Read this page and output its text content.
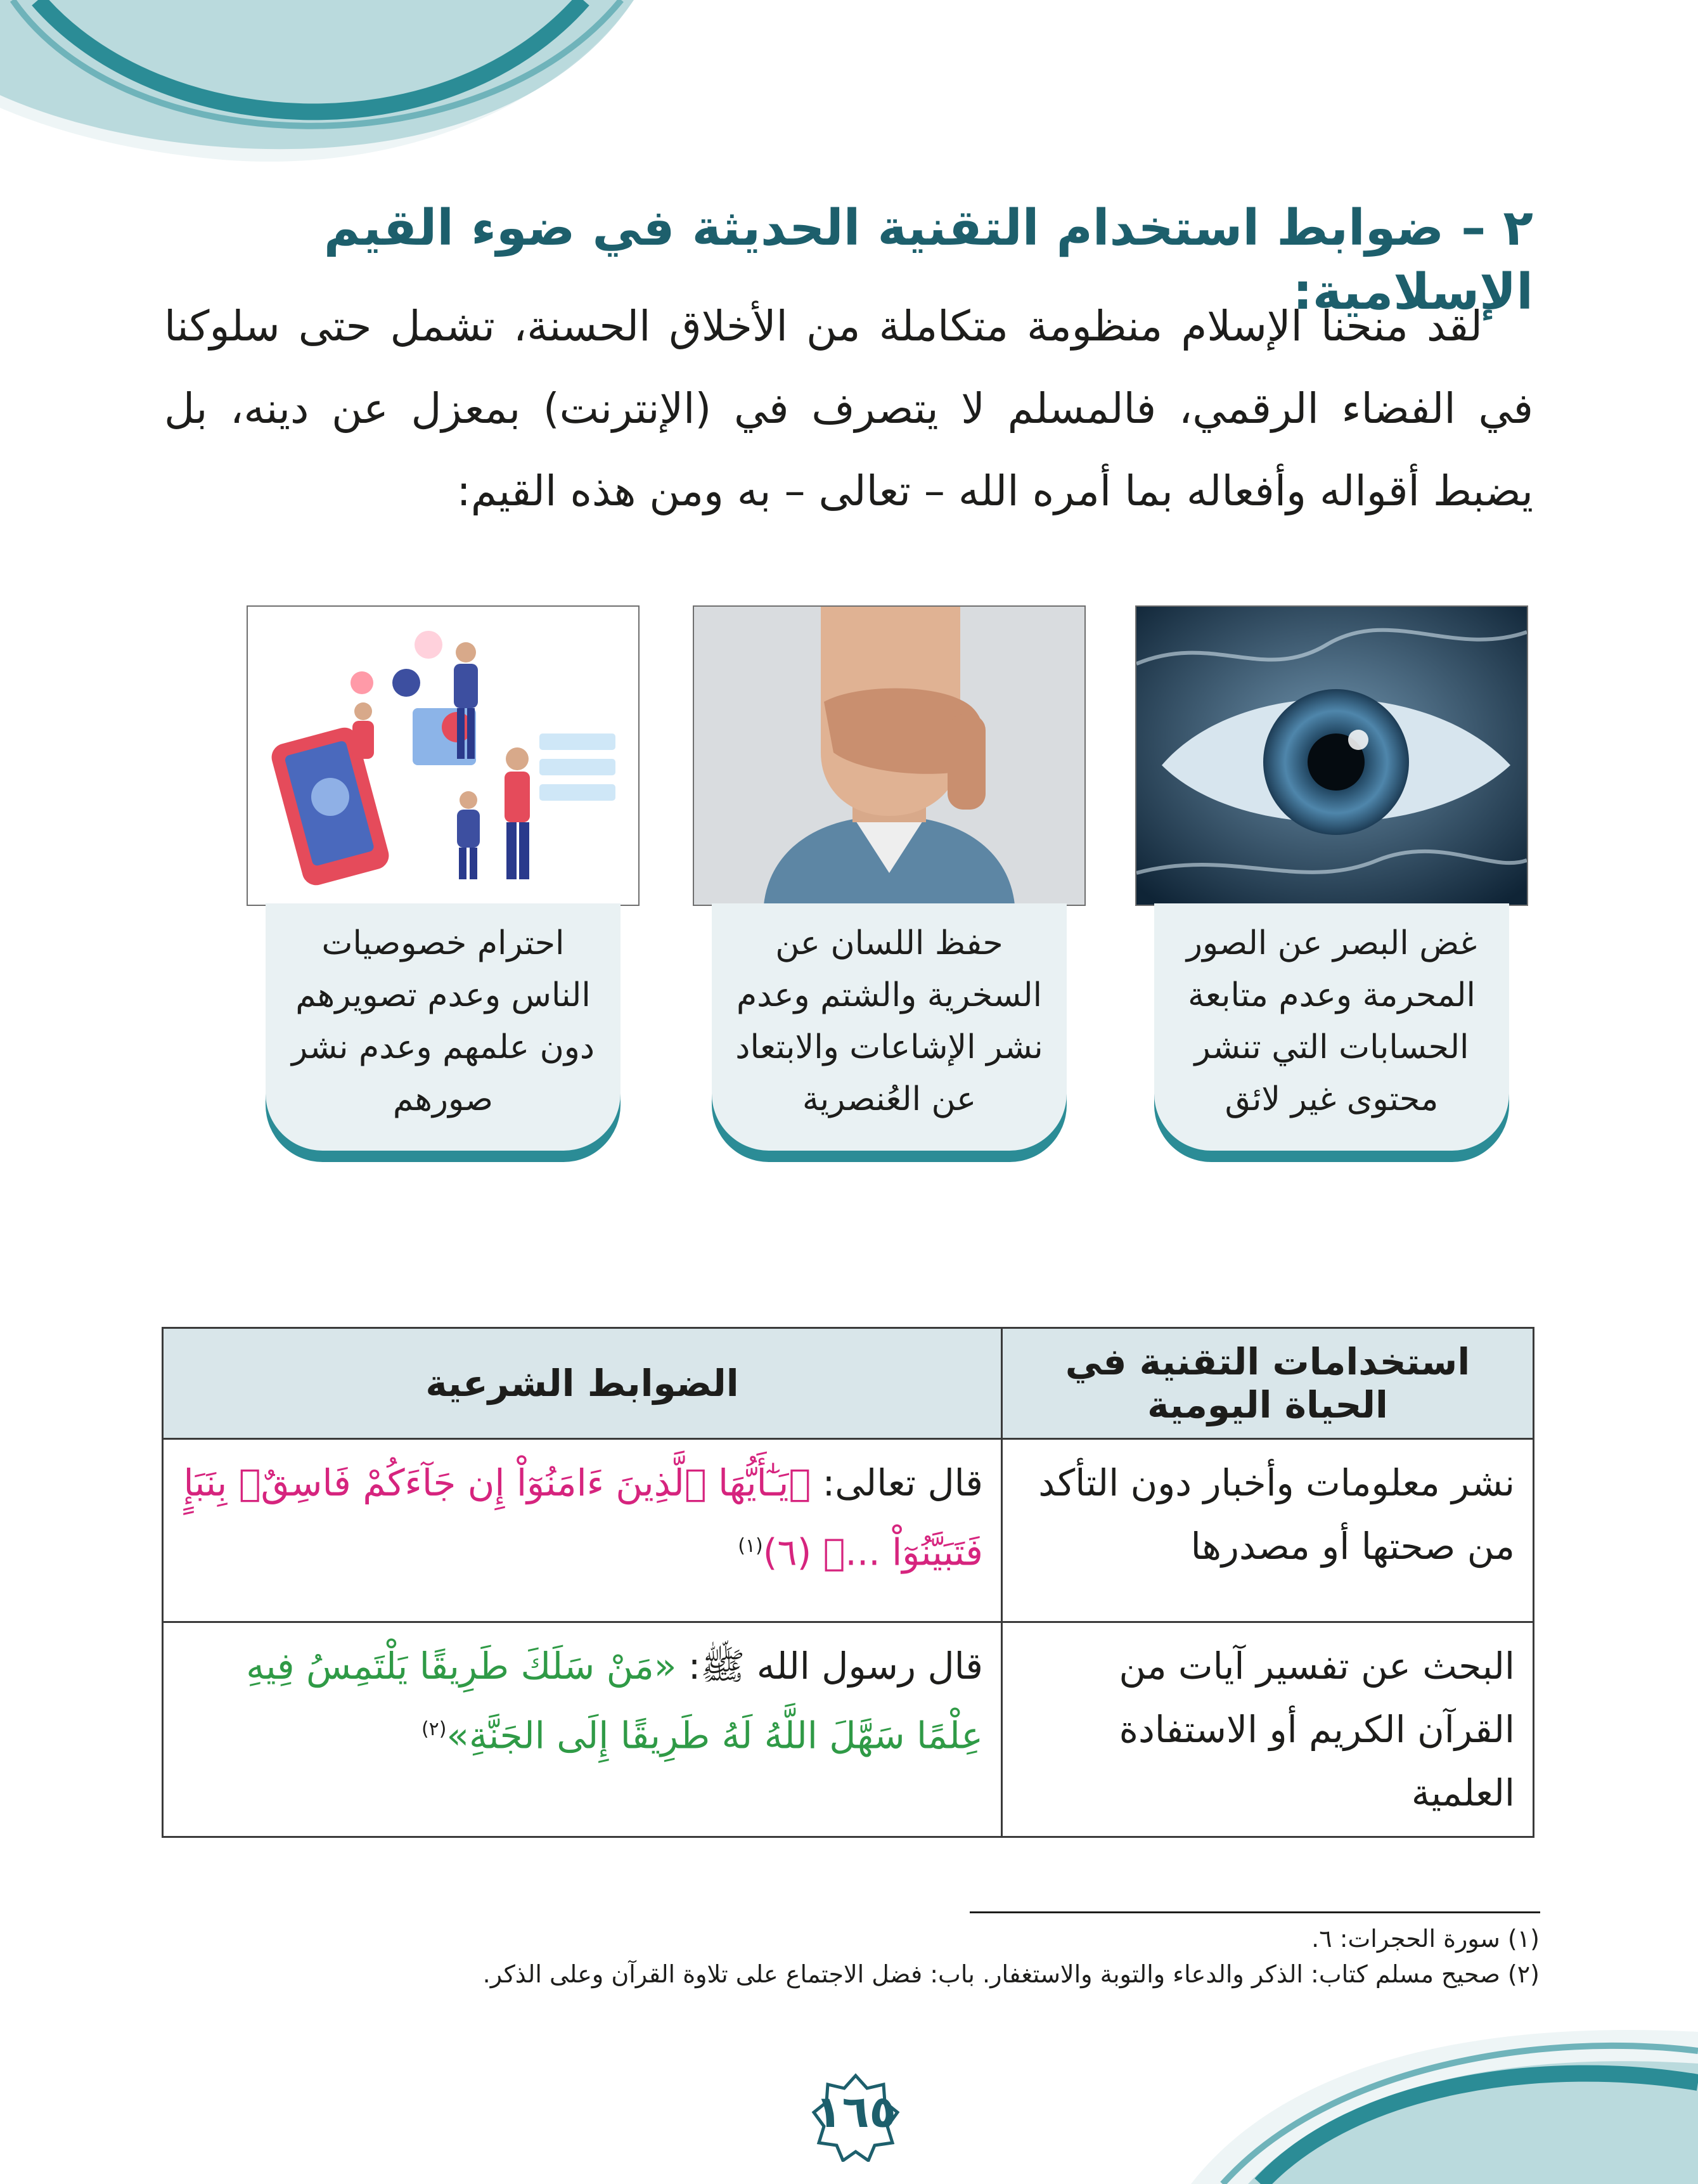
٢ – ضوابط استخدام التقنية الحديثة في ضوء القيم الإسلامية:

لقد منحنا الإسلام منظومة متكاملة من الأخلاق الحسنة، تشمل حتى سلوكنا في الفضاء الرقمي، فالمسلم لا يتصرف في (الإنترنت) بمعزل عن دينه، بل يضبط أقواله وأفعاله بما أمره الله – تعالى – به ومن هذه القيم:

غض البصر عن الصور المحرمة وعدم متابعة الحسابات التي تنشر محتوى غير لائق
حفظ اللسان عن السخرية والشتم وعدم نشر الإشاعات والابتعاد عن العُنصرية
احترام خصوصيات الناس وعدم تصويرهم دون علمهم وعدم نشر صورهم
استخدامات التقنية في الحياة اليومية	الضوابط الشرعية
نشر معلومات وأخبار دون التأكد من صحتها أو مصدرها	قال تعالى: ﴿يَـٰٓأَيُّهَا ٱلَّذِينَ ءَامَنُوٓاْ إِن جَآءَكُمْ فَاسِقٌۢ بِنَبَإٍ فَتَبَيَّنُوٓاْ ...﴾ (٦)$^{(١)}$
البحث عن تفسير آيات من القرآن الكريم أو الاستفادة العلمية	قال رسول الله ﷺ: «مَنْ سَلَكَ طَرِيقًا يَلْتَمِسُ فِيهِ عِلْمًا سَهَّلَ اللَّهُ لَهُ طَرِيقًا إِلَى الجَنَّةِ»$^{(٢)}$
(١) سورة الحجرات: ٦.
(٢) صحيح مسلم كتاب: الذكر والدعاء والتوبة والاستغفار. باب: فضل الاجتماع على تلاوة القرآن وعلى الذكر.
١٦٥
